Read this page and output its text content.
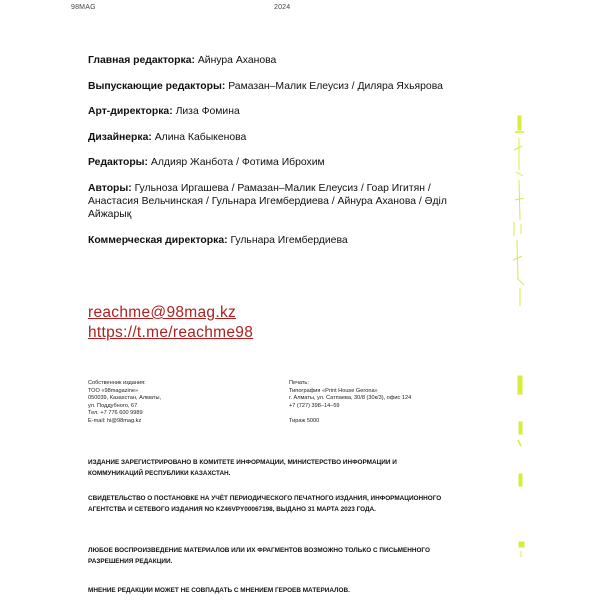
98MAG	2024

Главная редакторка: Айнура Аханова

Выпускающие редакторы: Рамазан–Малик Елеусиз / Диляра Яхьярова

Арт-директорка: Лиза Фомина

Дизайнерка: Алина Кабыкенова

Редакторы: Алдияр Жанбота / Фотима Иброхим

Авторы: Гульноза Иргашева / Рамазан–Малик Елеусиз / Гоар Игитян / Анастасия Вельчинская / Гульнара Игембердиева / Айнура Аханова / Әділ Айжарық

Коммерческая директорка: Гульнара Игембердиева

reachme@98mag.kz
https://t.me/reachme98
Собственник издания:
ТОО «98magazine»
050039, Казахстан, Алматы,
ул. Поддубного, 67
Тел. +7 776 600 9989
E-mail: hi@98mag.kz
Печать:
Типография «Print House Gerona»
г. Алматы, ул. Сатпаева, 30/8 (30к/3), офис 124
+7 (727) 398–14–59
Тираж 5000

ИЗДАНИЕ ЗАРЕГИСТРИРОВАНО В КОМИТЕТЕ ИНФОРМАЦИИ, МИНИСТЕРСТВО ИНФОРМАЦИИ И КОММУНИКАЦИЙ РЕСПУБЛИКИ КАЗАХСТАН.

СВИДЕТЕЛЬСТВО О ПОСТАНОВКЕ НА УЧЁТ ПЕРИОДИЧЕСКОГО ПЕЧАТНОГО ИЗДАНИЯ, ИНФОРМАЦИОННОГО АГЕНТСТВА И СЕТЕВОГО ИЗДАНИЯ NO KZ46VPY00067198, ВЫДАНО 31 МАРТА 2023 ГОДА.

ЛЮБОЕ ВОСПРОИЗВЕДЕНИЕ МАТЕРИАЛОВ ИЛИ ИХ ФРАГМЕНТОВ ВОЗМОЖНО ТОЛЬКО С ПИСЬМЕННОГО РАЗРЕШЕНИЯ РЕДАКЦИИ.

МНЕНИЕ РЕДАКЦИИ МОЖЕТ НЕ СОВПАДАТЬ С МНЕНИЕМ ГЕРОЕВ МАТЕРИАЛОВ.
